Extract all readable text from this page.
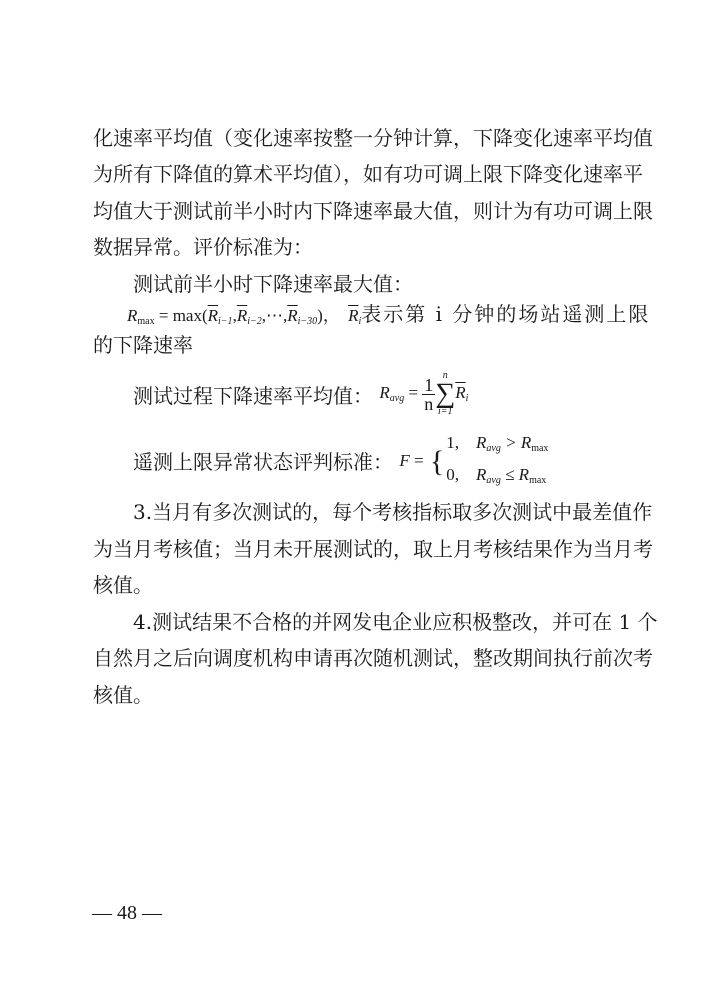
化速率平均值（变化速率按整一分钟计算，下降变化速率平均值
为所有下降值的算术平均值），如有功可调上限下降变化速率平
均值大于测试前半小时内下降速率最大值，则计为有功可调上限
数据异常。评价标准为：
测试前半小时下降速率最大值：
$R_{max}$ = $\max(\overline{R}_{i-1},\overline{R}_{i-2},\cdots,\overline{R}_{i-30})$， $\overline{R}_i$表示第 i 分钟的场站遥测上限
的下降速率
测试过程下降速率平均值： $R_{avg} = \frac{1}{n}$ n
∑
i=1
$\overline{R}_i$
遥测上限异常状态评判标准： F = {
1, $R_{avg} > R_{max}$
0, $R_{avg} \le R_{max}$
3.当月有多次测试的，每个考核指标取多次测试中最差值作
为当月考核值；当月未开展测试的，取上月考核结果作为当月考
核值。
4.测试结果不合格的并网发电企业应积极整改，并可在 1 个
自然月之后向调度机构申请再次随机测试，整改期间执行前次考
核值。
— 48 —
